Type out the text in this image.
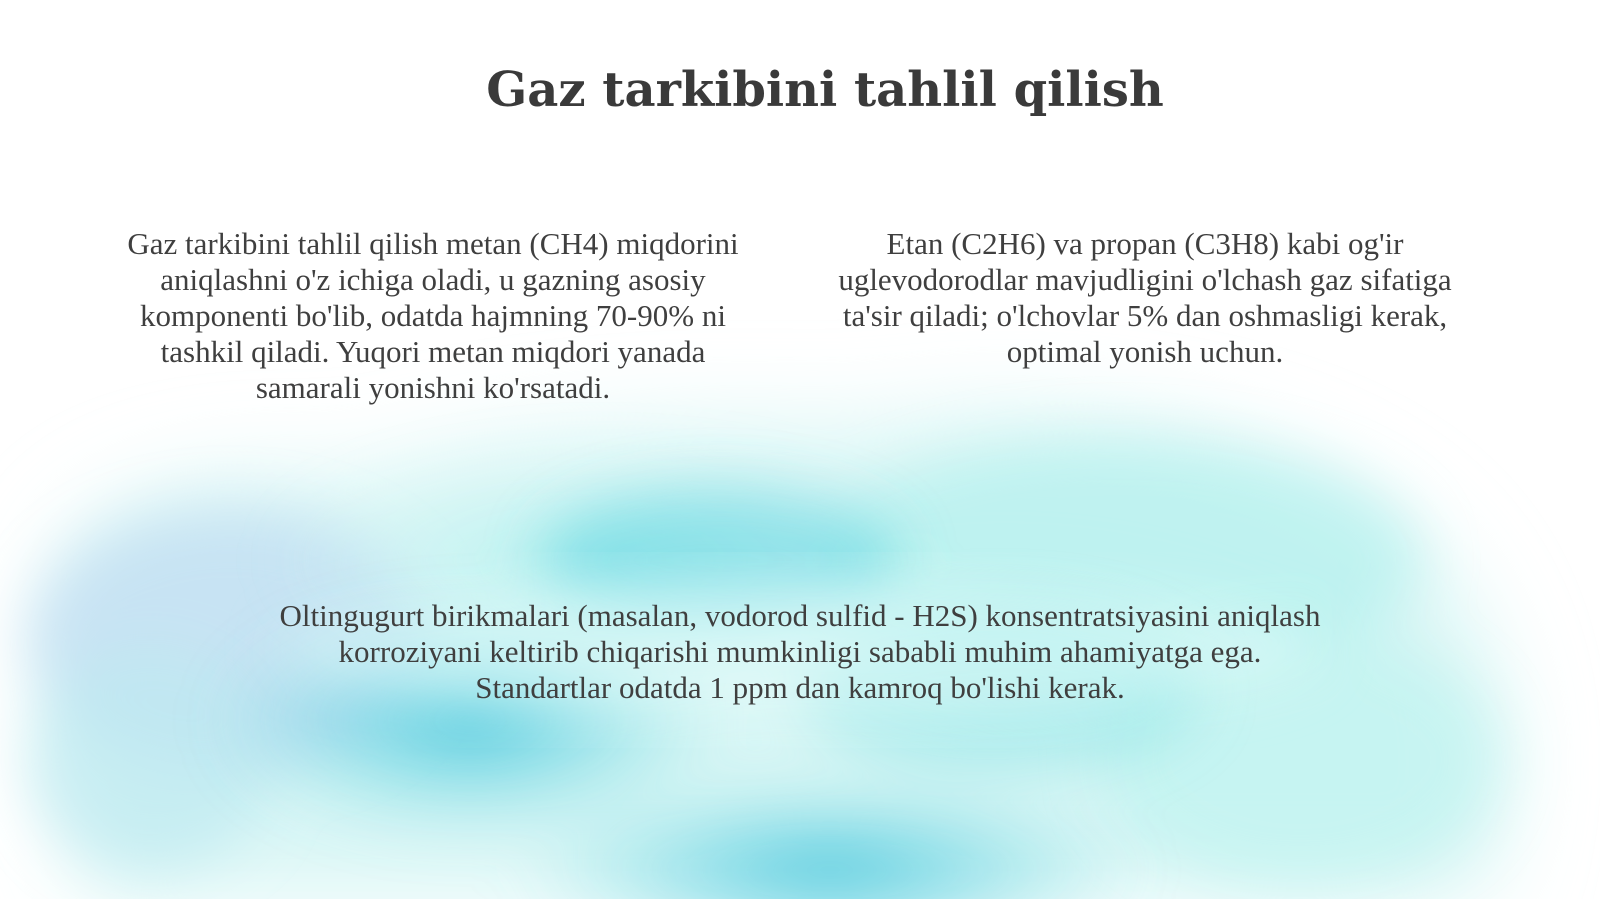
Gaz tarkibini tahlil qilish

Gaz tarkibini tahlil qilish metan (CH4) miqdorini aniqlashni o'z ichiga oladi, u gazning asosiy komponenti bo'lib, odatda hajmning 70-90% ni tashkil qiladi. Yuqori metan miqdori yanada samarali yonishni ko'rsatadi.

Etan (C2H6) va propan (C3H8) kabi og'ir uglevodorodlar mavjudligini o'lchash gaz sifatiga ta'sir qiladi; o'lchovlar 5% dan oshmasligi kerak, optimal yonish uchun.

Oltingugurt birikmalari (masalan, vodorod sulfid - H2S) konsentratsiyasini aniqlash korroziyani keltirib chiqarishi mumkinligi sababli muhim ahamiyatga ega. Standartlar odatda 1 ppm dan kamroq bo'lishi kerak.
